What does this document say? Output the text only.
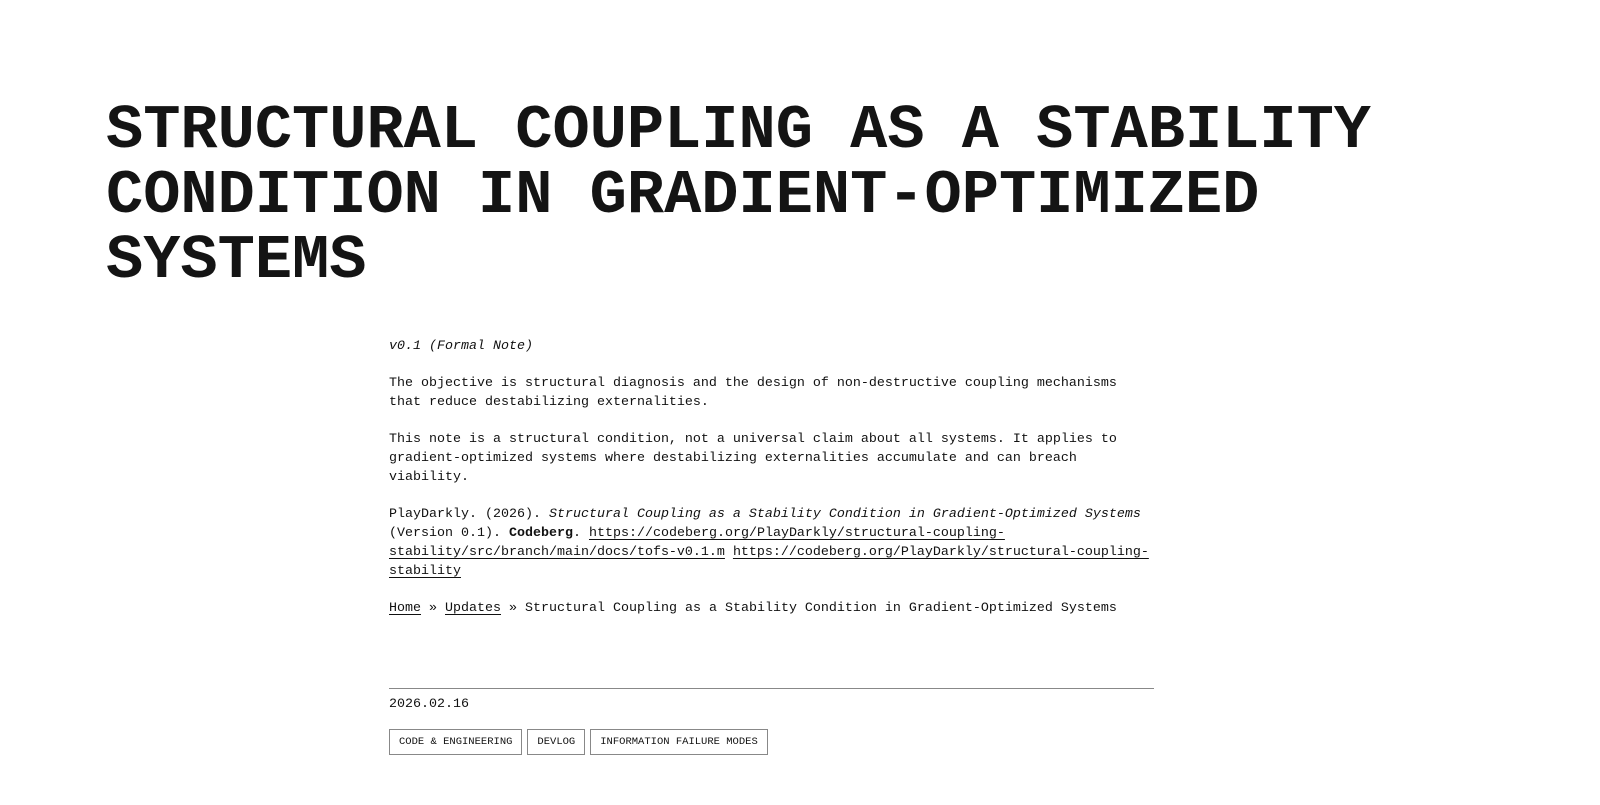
STRUCTURAL COUPLING AS A STABILITY CONDITION IN GRADIENT-OPTIMIZED SYSTEMS

v0.1 (Formal Note)

The objective is structural diagnosis and the design of non-destructive coupling mechanisms that reduce destabilizing externalities.

This note is a structural condition, not a universal claim about all systems. It applies to gradient-optimized systems where destabilizing externalities accumulate and can breach viability.

PlayDarkly. (2026). Structural Coupling as a Stability Condition in Gradient-Optimized Systems (Version 0.1). Codeberg. https://codeberg.org/PlayDarkly/structural-coupling-stability/src/branch/main/docs/tofs-v0.1.m https://codeberg.org/PlayDarkly/structural-coupling-stability

Home » Updates » Structural Coupling as a Stability Condition in Gradient-Optimized Systems

2026.02.16
CODE & ENGINEERING	DEVLOG	INFORMATION FAILURE MODES
